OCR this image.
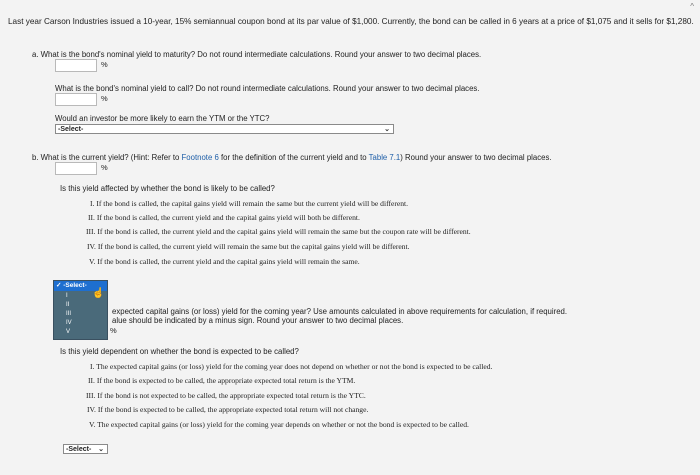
^
Last year Carson Industries issued a 10-year, 15% semiannual coupon bond at its par value of $1,000. Currently, the bond can be called in 6 years at a price of $1,075 and it sells for $1,280.
a. What is the bond's nominal yield to maturity? Do not round intermediate calculations. Round your answer to two decimal places.
%
What is the bond's nominal yield to call? Do not round intermediate calculations. Round your answer to two decimal places.
%
Would an investor be more likely to earn the YTM or the YTC?
-Select-	⌄
b. What is the current yield? (Hint: Refer to Footnote 6 for the definition of the current yield and to Table 7.1) Round your answer to two decimal places.
%
Is this yield affected by whether the bond is likely to be called?
I. If the bond is called, the capital gains yield will remain the same but the current yield will be different.
II. If the bond is called, the current yield and the capital gains yield will both be different.
III. If the bond is called, the current yield and the capital gains yield will remain the same but the coupon rate will be different.
IV. If the bond is called, the current yield will remain the same but the capital gains yield will be different.
V. If the bond is called, the current yield and the capital gains yield will remain the same.
✓ -Select-
I
II
III
IV
V
☝
expected capital gains (or loss) yield for the coming year? Use amounts calculated in above requirements for calculation, if required.
alue should be indicated by a minus sign. Round your answer to two decimal places.
%
Is this yield dependent on whether the bond is expected to be called?
I. The expected capital gains (or loss) yield for the coming year does not depend on whether or not the bond is expected to be called.
II. If the bond is expected to be called, the appropriate expected total return is the YTM.
III. If the bond is not expected to be called, the appropriate expected total return is the YTC.
IV. If the bond is expected to be called, the appropriate expected total return will not change.
V. The expected capital gains (or loss) yield for the coming year depends on whether or not the bond is expected to be called.
-Select- ⌄
